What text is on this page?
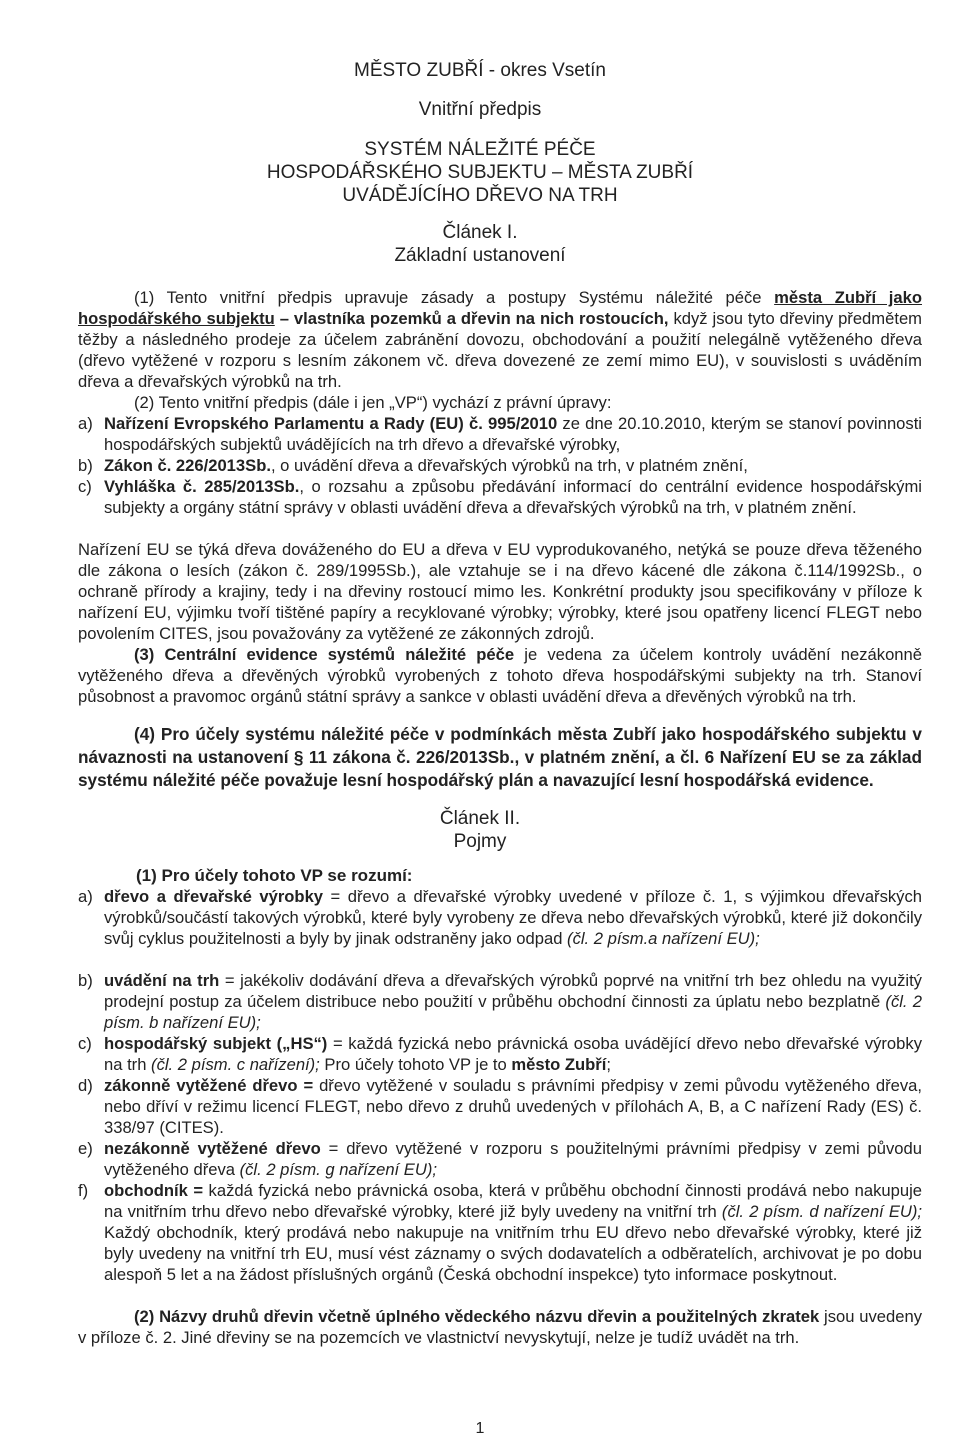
MĚSTO ZUBŘÍ - okres Vsetín
Vnitřní předpis
SYSTÉM NÁLEŽITÉ PÉČE
HOSPODÁŘSKÉHO SUBJEKTU – MĚSTA ZUBŘÍ
UVÁDĚJÍCÍHO DŘEVO NA TRH
Článek I.
Základní ustanovení
(1) Tento vnitřní předpis upravuje zásady a postupy Systému náležité péče města Zubří jako hospodářského subjektu – vlastníka pozemků a dřevin na nich rostoucích, když jsou tyto dřeviny předmětem těžby a následného prodeje za účelem zabránění dovozu, obchodování a použití nelegálně vytěženého dřeva (dřevo vytěžené v rozporu s lesním zákonem vč. dřeva dovezené ze zemí mimo EU), v souvislosti s uváděním dřeva a dřevařských výrobků na trh.
(2) Tento vnitřní předpis (dále i jen „VP“) vychází z právní úpravy:
a) Nařízení Evropského Parlamentu a Rady (EU) č. 995/2010 ze dne 20.10.2010, kterým se stanoví povinnosti hospodářských subjektů uvádějících na trh dřevo a dřevařské výrobky,
b) Zákon č. 226/2013Sb., o uvádění dřeva a dřevařských výrobků na trh, v platném znění,
c) Vyhláška č. 285/2013Sb., o rozsahu a způsobu předávání informací do centrální evidence hospodářskými subjekty a orgány státní správy v oblasti uvádění dřeva a dřevařských výrobků na trh, v platném znění.
Nařízení EU se týká dřeva dováženého do EU a dřeva v EU vyprodukovaného, netýká se pouze dřeva těženého dle zákona o lesích (zákon č. 289/1995Sb.), ale vztahuje se i na dřevo kácené dle zákona č.114/1992Sb., o ochraně přírody a krajiny, tedy i na dřeviny rostoucí mimo les. Konkrétní produkty jsou specifikovány v příloze k nařízení EU, výjimku tvoří tištěné papíry a recyklované výrobky; výrobky, které jsou opatřeny licencí FLEGT nebo povolením CITES, jsou považovány za vytěžené ze zákonných zdrojů.
(3) Centrální evidence systémů náležité péče je vedena za účelem kontroly uvádění nezákonně vytěženého dřeva a dřevěných výrobků vyrobených z tohoto dřeva hospodářskými subjekty na trh. Stanoví působnost a pravomoc orgánů státní správy a sankce v oblasti uvádění dřeva a dřevěných výrobků na trh.
(4) Pro účely systému náležité péče v podmínkách města Zubří jako hospodářského subjektu v návaznosti na ustanovení § 11 zákona č. 226/2013Sb., v platném znění, a čl. 6 Nařízení EU se za základ systému náležité péče považuje lesní hospodářský plán a navazující lesní hospodářská evidence.
Článek II.
Pojmy
(1) Pro účely tohoto VP se rozumí:
a) dřevo a dřevařské výrobky = dřevo a dřevařské výrobky uvedené v příloze č. 1, s výjimkou dřevařských výrobků/součástí takových výrobků, které byly vyrobeny ze dřeva nebo dřevařských výrobků, které již dokončily svůj cyklus použitelnosti a byly by jinak odstraněny jako odpad (čl. 2 písm.a nařízení EU);
b) uvádění na trh = jakékoliv dodávání dřeva a dřevařských výrobků poprvé na vnitřní trh bez ohledu na využitý prodejní postup za účelem distribuce nebo použití v průběhu obchodní činnosti za úplatu nebo bezplatně (čl. 2 písm. b nařízení EU);
c) hospodářský subjekt („HS“) = každá fyzická nebo právnická osoba uvádějící dřevo nebo dřevařské výrobky na trh (čl. 2 písm. c nařízení); Pro účely tohoto VP je to město Zubří;
d) zákonně vytěžené dřevo = dřevo vytěžené v souladu s právními předpisy v zemi původu vytěženého dřeva, nebo dříví v režimu licencí FLEGT, nebo dřevo z druhů uvedených v přílohách A, B, a C nařízení Rady (ES) č. 338/97 (CITES).
e) nezákonně vytěžené dřevo = dřevo vytěžené v rozporu s použitelnými právními předpisy v zemi původu vytěženého dřeva (čl. 2 písm. g nařízení EU);
f) obchodník = každá fyzická nebo právnická osoba, která v průběhu obchodní činnosti prodává nebo nakupuje na vnitřním trhu dřevo nebo dřevařské výrobky, které již byly uvedeny na vnitřní trh (čl. 2 písm. d nařízení EU); Každý obchodník, který prodává nebo nakupuje na vnitřním trhu EU dřevo nebo dřevařské výrobky, které již byly uvedeny na vnitřní trh EU, musí vést záznamy o svých dodavatelích a odběratelích, archivovat je po dobu alespoň 5 let a na žádost příslušných orgánů (Česká obchodní inspekce) tyto informace poskytnout.
(2) Názvy druhů dřevin včetně úplného vědeckého názvu dřevin a použitelných zkratek jsou uvedeny v příloze č. 2. Jiné dřeviny se na pozemcích ve vlastnictví nevyskytují, nelze je tudíž uvádět na trh.
1
